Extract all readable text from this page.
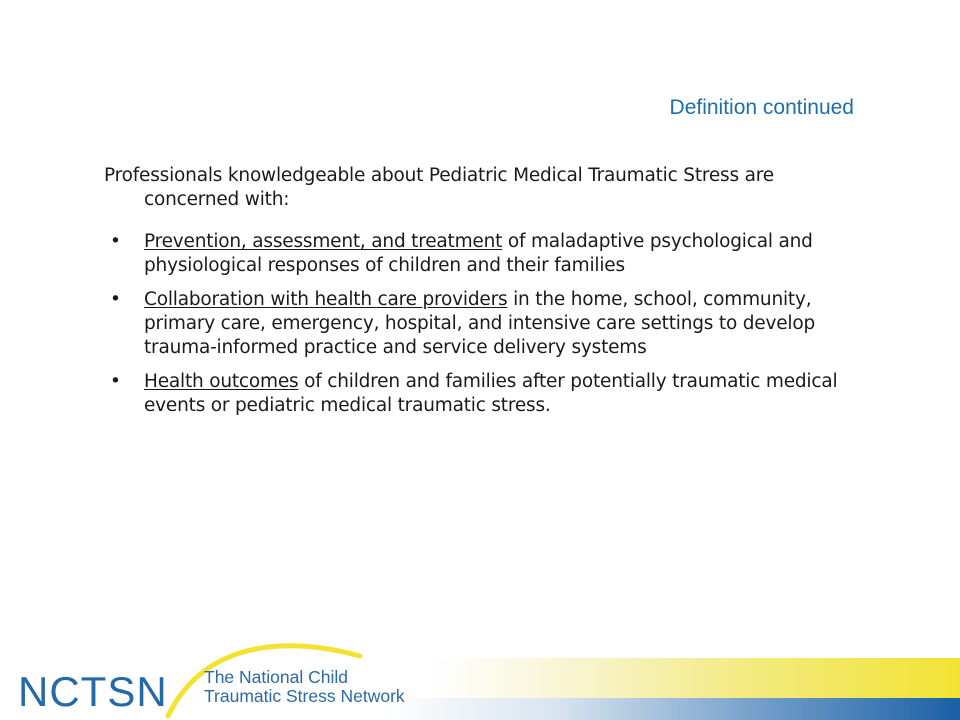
Definition continued

Professionals knowledgeable about Pediatric Medical Traumatic Stress are concerned with:

• Prevention, assessment, and treatment of maladaptive psychological and physiological responses of children and their families
• Collaboration with health care providers in the home, school, community, primary care, emergency, hospital, and intensive care settings to develop trauma-informed practice and service delivery systems
• Health outcomes of children and families after potentially traumatic medical events or pediatric medical traumatic stress.
NCTSN The National Child
Traumatic Stress Network
